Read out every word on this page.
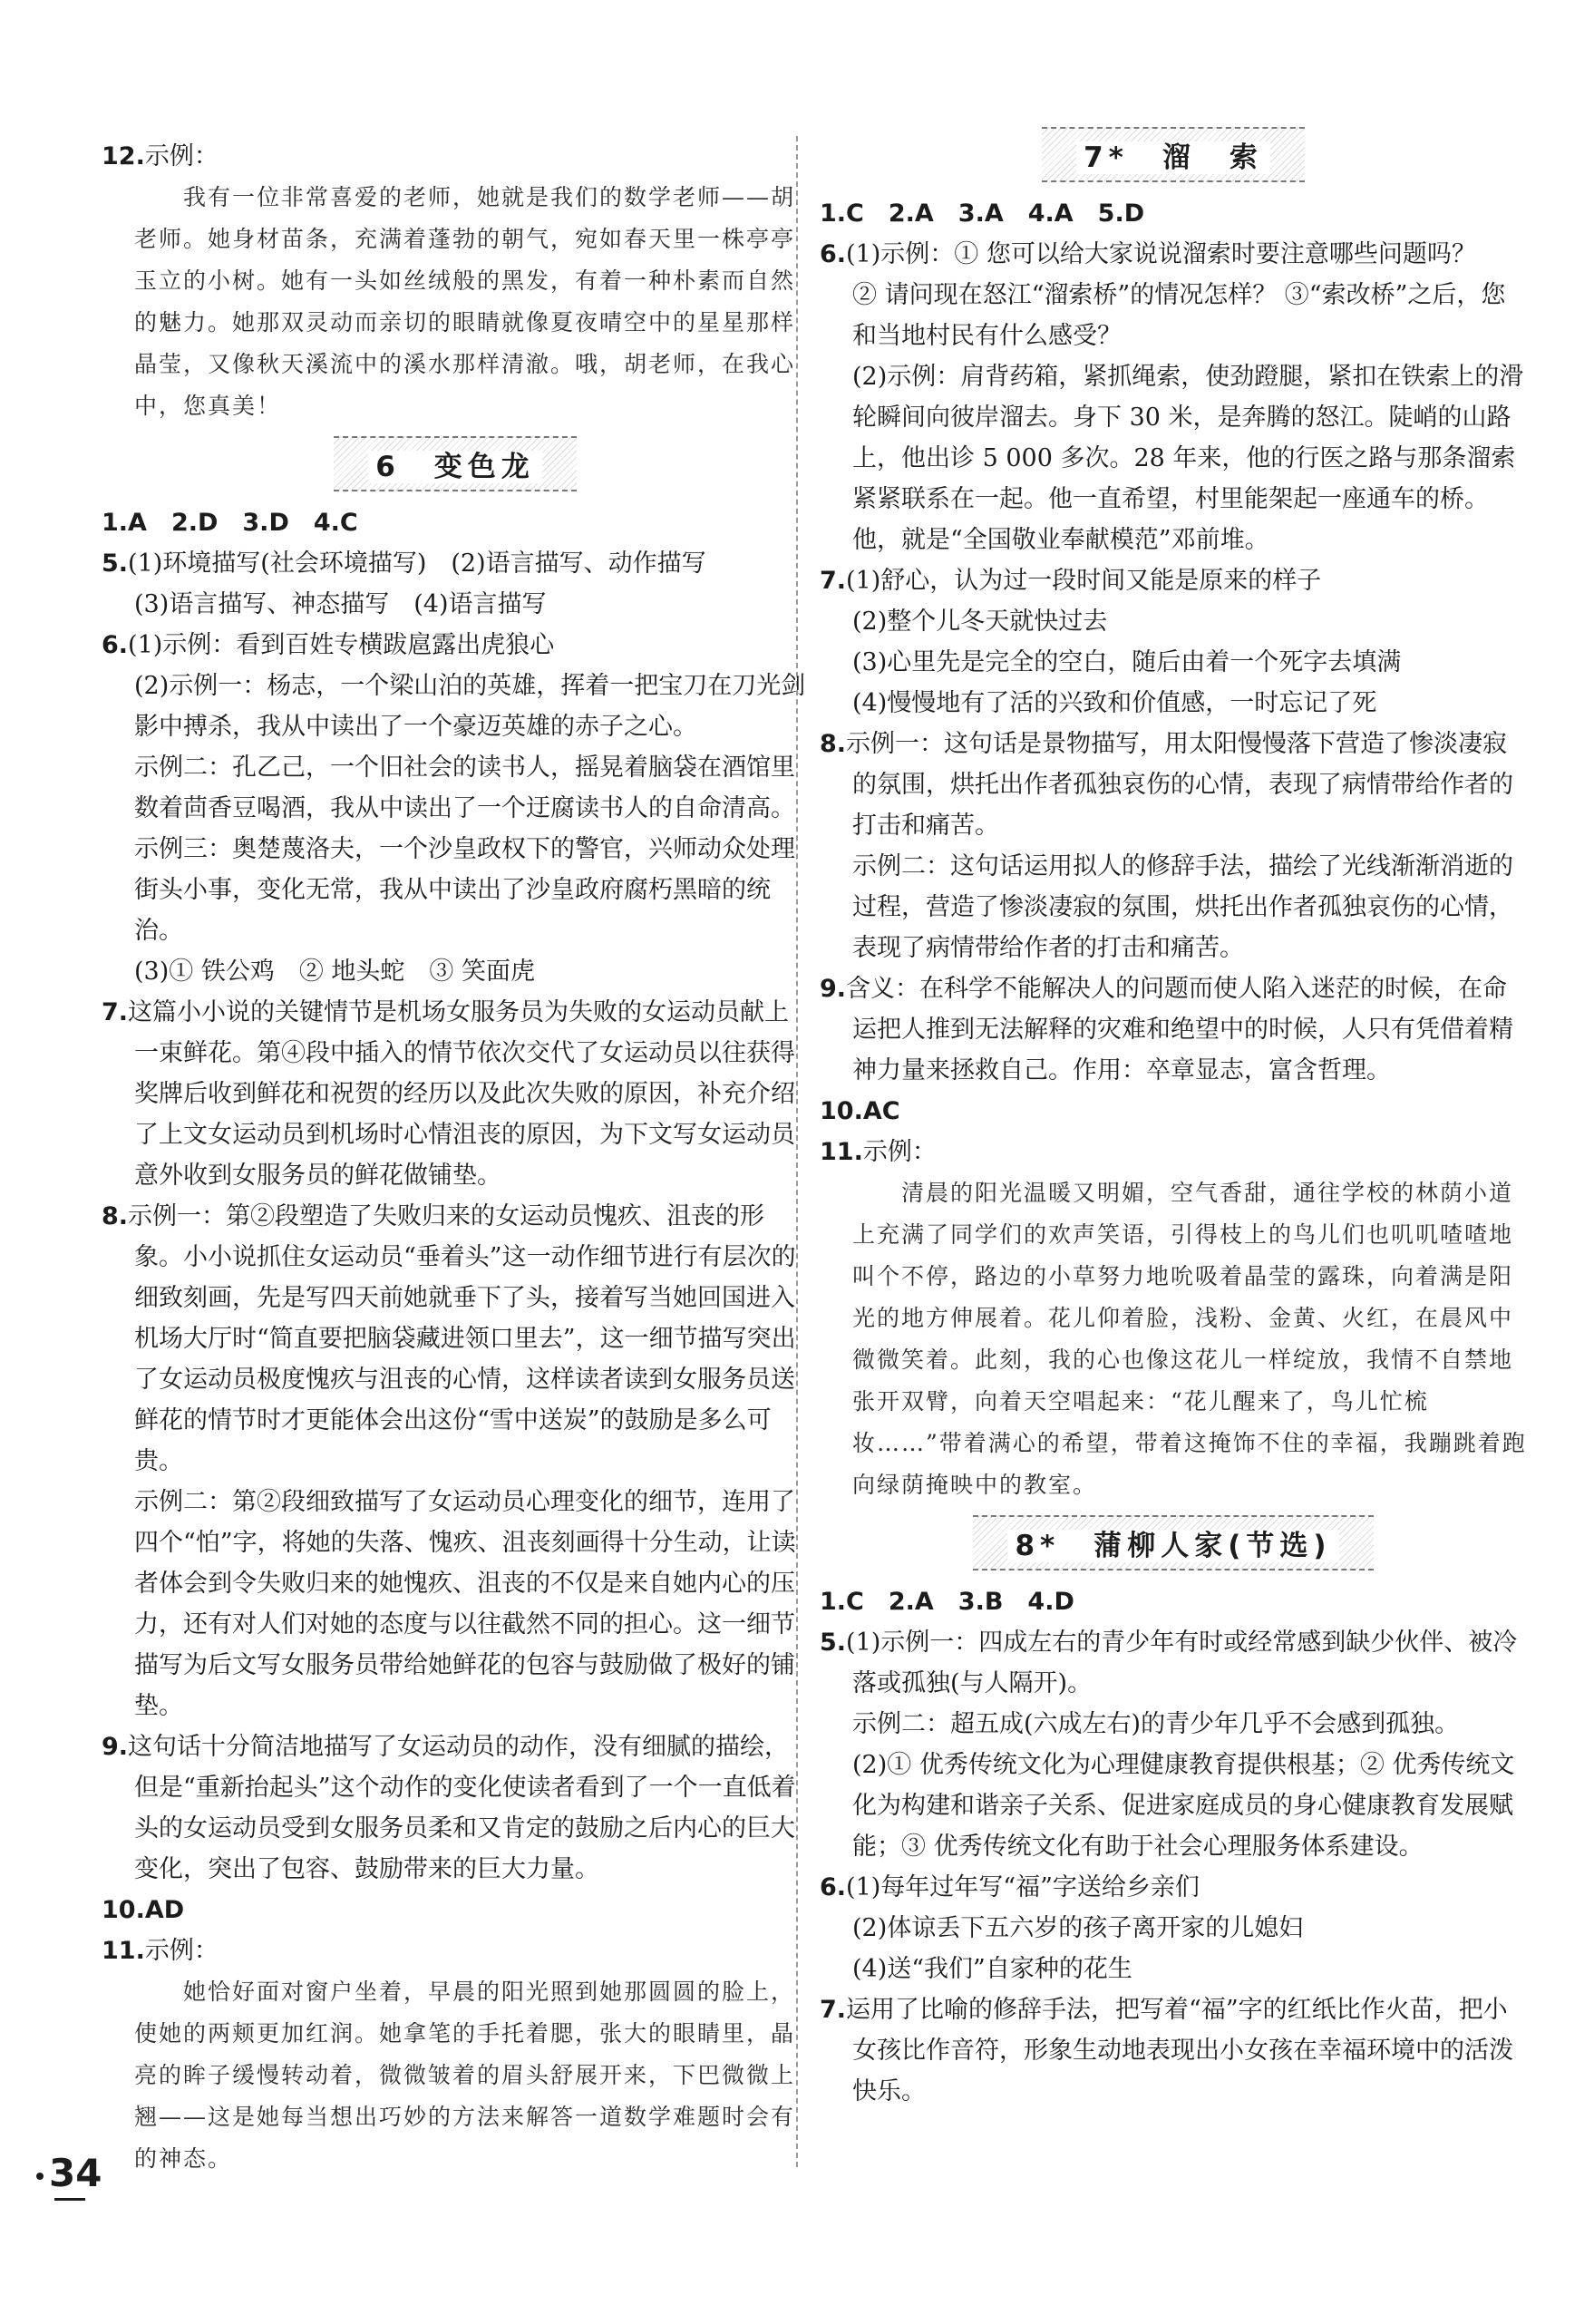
12.示例：

我有一位非常喜爱的老师，她就是我们的数学老师——胡老师。她身材苗条，充满着蓬勃的朝气，宛如春天里一株亭亭玉立的小树。她有一头如丝绒般的黑发，有着一种朴素而自然的魅力。她那双灵动而亲切的眼睛就像夏夜晴空中的星星那样晶莹，又像秋天溪流中的溪水那样清澈。哦，胡老师，在我心中，您真美！

6　变色龙

1.A　2.D　3.D　4.C

5.(1)环境描写(社会环境描写)　(2)语言描写、动作描写

(3)语言描写、神态描写　(4)语言描写

6.(1)示例：看到百姓专横跋扈露出虎狼心

(2)示例一：杨志，一个梁山泊的英雄，挥着一把宝刀在刀光剑影中搏杀，我从中读出了一个豪迈英雄的赤子之心。

示例二：孔乙己，一个旧社会的读书人，摇晃着脑袋在酒馆里数着茴香豆喝酒，我从中读出了一个迂腐读书人的自命清高。

示例三：奥楚蔑洛夫，一个沙皇政权下的警官，兴师动众处理街头小事，变化无常，我从中读出了沙皇政府腐朽黑暗的统治。

(3)① 铁公鸡　② 地头蛇　③ 笑面虎

7.这篇小小说的关键情节是机场女服务员为失败的女运动员献上一束鲜花。第④段中插入的情节依次交代了女运动员以往获得奖牌后收到鲜花和祝贺的经历以及此次失败的原因，补充介绍了上文女运动员到机场时心情沮丧的原因，为下文写女运动员意外收到女服务员的鲜花做铺垫。

8.示例一：第②段塑造了失败归来的女运动员愧疚、沮丧的形象。小小说抓住女运动员“垂着头”这一动作细节进行有层次的细致刻画，先是写四天前她就垂下了头，接着写当她回国进入机场大厅时“简直要把脑袋藏进领口里去”，这一细节描写突出了女运动员极度愧疚与沮丧的心情，这样读者读到女服务员送鲜花的情节时才更能体会出这份“雪中送炭”的鼓励是多么可贵。

示例二：第②段细致描写了女运动员心理变化的细节，连用了四个“怕”字，将她的失落、愧疚、沮丧刻画得十分生动，让读者体会到令失败归来的她愧疚、沮丧的不仅是来自她内心的压力，还有对人们对她的态度与以往截然不同的担心。这一细节描写为后文写女服务员带给她鲜花的包容与鼓励做了极好的铺垫。

9.这句话十分简洁地描写了女运动员的动作，没有细腻的描绘，但是“重新抬起头”这个动作的变化使读者看到了一个一直低着头的女运动员受到女服务员柔和又肯定的鼓励之后内心的巨大变化，突出了包容、鼓励带来的巨大力量。

10.AD

11.示例：

她恰好面对窗户坐着，早晨的阳光照到她那圆圆的脸上，使她的两颊更加红润。她拿笔的手托着腮，张大的眼睛里，晶亮的眸子缓慢转动着，微微皱着的眉头舒展开来，下巴微微上翘——这是她每当想出巧妙的方法来解答一道数学难题时会有的神态。

7*　溜　索

1.C　2.A　3.A　4.A　5.D

6.(1)示例：① 您可以给大家说说溜索时要注意哪些问题吗？

② 请问现在怒江“溜索桥”的情况怎样？ ③“索改桥”之后，您和当地村民有什么感受？

(2)示例：肩背药箱，紧抓绳索，使劲蹬腿，紧扣在铁索上的滑轮瞬间向彼岸溜去。身下 30 米，是奔腾的怒江。陡峭的山路上，他出诊 5 000 多次。28 年来，他的行医之路与那条溜索紧紧联系在一起。他一直希望，村里能架起一座通车的桥。他，就是“全国敬业奉献模范”邓前堆。

7.(1)舒心，认为过一段时间又能是原来的样子

(2)整个儿冬天就快过去

(3)心里先是完全的空白，随后由着一个死字去填满

(4)慢慢地有了活的兴致和价值感，一时忘记了死

8.示例一：这句话是景物描写，用太阳慢慢落下营造了惨淡凄寂的氛围，烘托出作者孤独哀伤的心情，表现了病情带给作者的打击和痛苦。

示例二：这句话运用拟人的修辞手法，描绘了光线渐渐消逝的过程，营造了惨淡凄寂的氛围，烘托出作者孤独哀伤的心情，表现了病情带给作者的打击和痛苦。

9.含义：在科学不能解决人的问题而使人陷入迷茫的时候，在命运把人推到无法解释的灾难和绝望中的时候，人只有凭借着精神力量来拯救自己。作用：卒章显志，富含哲理。

10.AC

11.示例：

清晨的阳光温暖又明媚，空气香甜，通往学校的林荫小道上充满了同学们的欢声笑语，引得枝上的鸟儿们也叽叽喳喳地叫个不停，路边的小草努力地吮吸着晶莹的露珠，向着满是阳光的地方伸展着。花儿仰着脸，浅粉、金黄、火红，在晨风中微微笑着。此刻，我的心也像这花儿一样绽放，我情不自禁地张开双臂，向着天空唱起来：“花儿醒来了，鸟儿忙梳妆……”带着满心的希望，带着这掩饰不住的幸福，我蹦跳着跑向绿荫掩映中的教室。

8*　蒲柳人家(节选)

1.C　2.A　3.B　4.D

5.(1)示例一：四成左右的青少年有时或经常感到缺少伙伴、被冷落或孤独(与人隔开)。

示例二：超五成(六成左右)的青少年几乎不会感到孤独。

(2)① 优秀传统文化为心理健康教育提供根基；② 优秀传统文化为构建和谐亲子关系、促进家庭成员的身心健康教育发展赋能；③ 优秀传统文化有助于社会心理服务体系建设。

6.(1)每年过年写“福”字送给乡亲们

(2)体谅丢下五六岁的孩子离开家的儿媳妇

(4)送“我们”自家种的花生

7.运用了比喻的修辞手法，把写着“福”字的红纸比作火苗，把小女孩比作音符，形象生动地表现出小女孩在幸福环境中的活泼快乐。

34
